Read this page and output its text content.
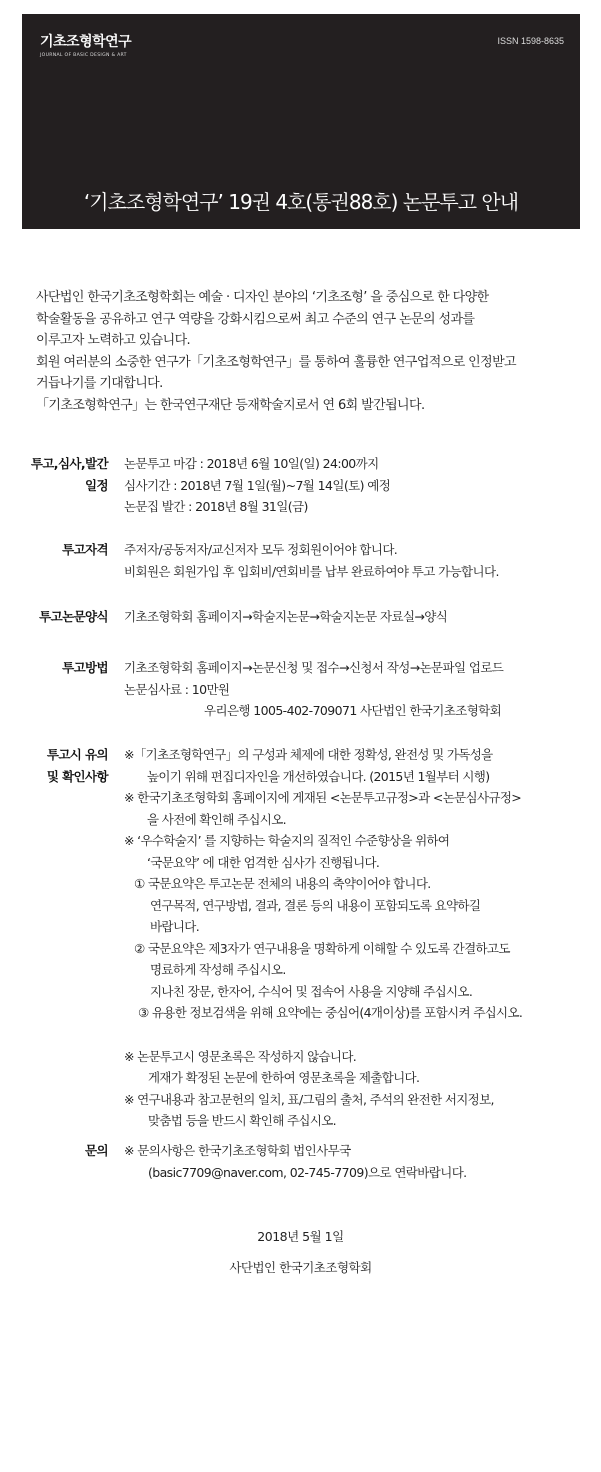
기초조형학연구
JOURNAL OF BASIC DESIGN & ART
ISSN 1598-8635
‘기초조형학연구’ 19권 4호(통권88호) 논문투고 안내

사단법인 한국기초조형학회는 예술 · 디자인 분야의 ‘기초조형’ 을 중심으로 한 다양한

학술활동을 공유하고 연구 역량을 강화시킴으로써 최고 수준의 연구 논문의 성과를

이루고자 노력하고 있습니다.

회원 여러분의 소중한 연구가「기초조형학연구」를 통하여 훌륭한 연구업적으로 인정받고

거듭나기를 기대합니다.

「기초조형학연구」는 한국연구재단 등재학술지로서 연 6회 발간됩니다.

투고,심사,발간
일정
논문투고 마감 : 2018년 6월 10일(일) 24:00까지
심사기간 : 2018년 7월 1일(월)~7월 14일(토) 예정
논문집 발간 : 2018년 8월 31일(금)
투고자격 주저자/공동저자/교신저자 모두 정회원이어야 합니다.
비회원은 회원가입 후 입회비/연회비를 납부 완료하여야 투고 가능합니다.
투고논문양식 기초조형학회 홈페이지→학술지논문→학술지논문 자료실→양식
투고방법 기초조형학회 홈페이지→논문신청 및 접수→신청서 작성→논문파일 업로드
논문심사료 : 10만원
우리은행 1005-402-709071 사단법인 한국기초조형학회
투고시 유의
및 확인사항
※「기초조형학연구」의 구성과 체제에 대한 정확성, 완전성 및 가독성을
높이기 위해 편집디자인을 개선하였습니다. (2015년 1월부터 시행)
※ 한국기초조형학회 홈페이지에 게재된 <논문투고규정>과 <논문심사규정>
을 사전에 확인해 주십시오.
※ ‘우수학술지’ 를 지향하는 학술지의 질적인 수준향상을 위하여
‘국문요약’ 에 대한 엄격한 심사가 진행됩니다.
① 국문요약은 투고논문 전체의 내용의 축약이어야 합니다.
연구목적, 연구방법, 결과, 결론 등의 내용이 포함되도록 요약하길
바랍니다.
② 국문요약은 제3자가 연구내용을 명확하게 이해할 수 있도록 간결하고도
명료하게 작성해 주십시오.
지나친 장문, 한자어, 수식어 및 접속어 사용을 지양해 주십시오.
③ 유용한 정보검색을 위해 요약에는 중심어(4개이상)를 포함시켜 주십시오.
※ 논문투고시 영문초록은 작성하지 않습니다.
게재가 확정된 논문에 한하여 영문초록을 제출합니다.
※ 연구내용과 참고문헌의 일치, 표/그림의 출처, 주석의 완전한 서지정보,
맞춤법 등을 반드시 확인해 주십시오.
문의 ※ 문의사항은 한국기초조형학회 법인사무국
(basic7709@naver.com, 02-745-7709)으로 연락바랍니다.
2018년 5월 1일
사단법인 한국기초조형학회
